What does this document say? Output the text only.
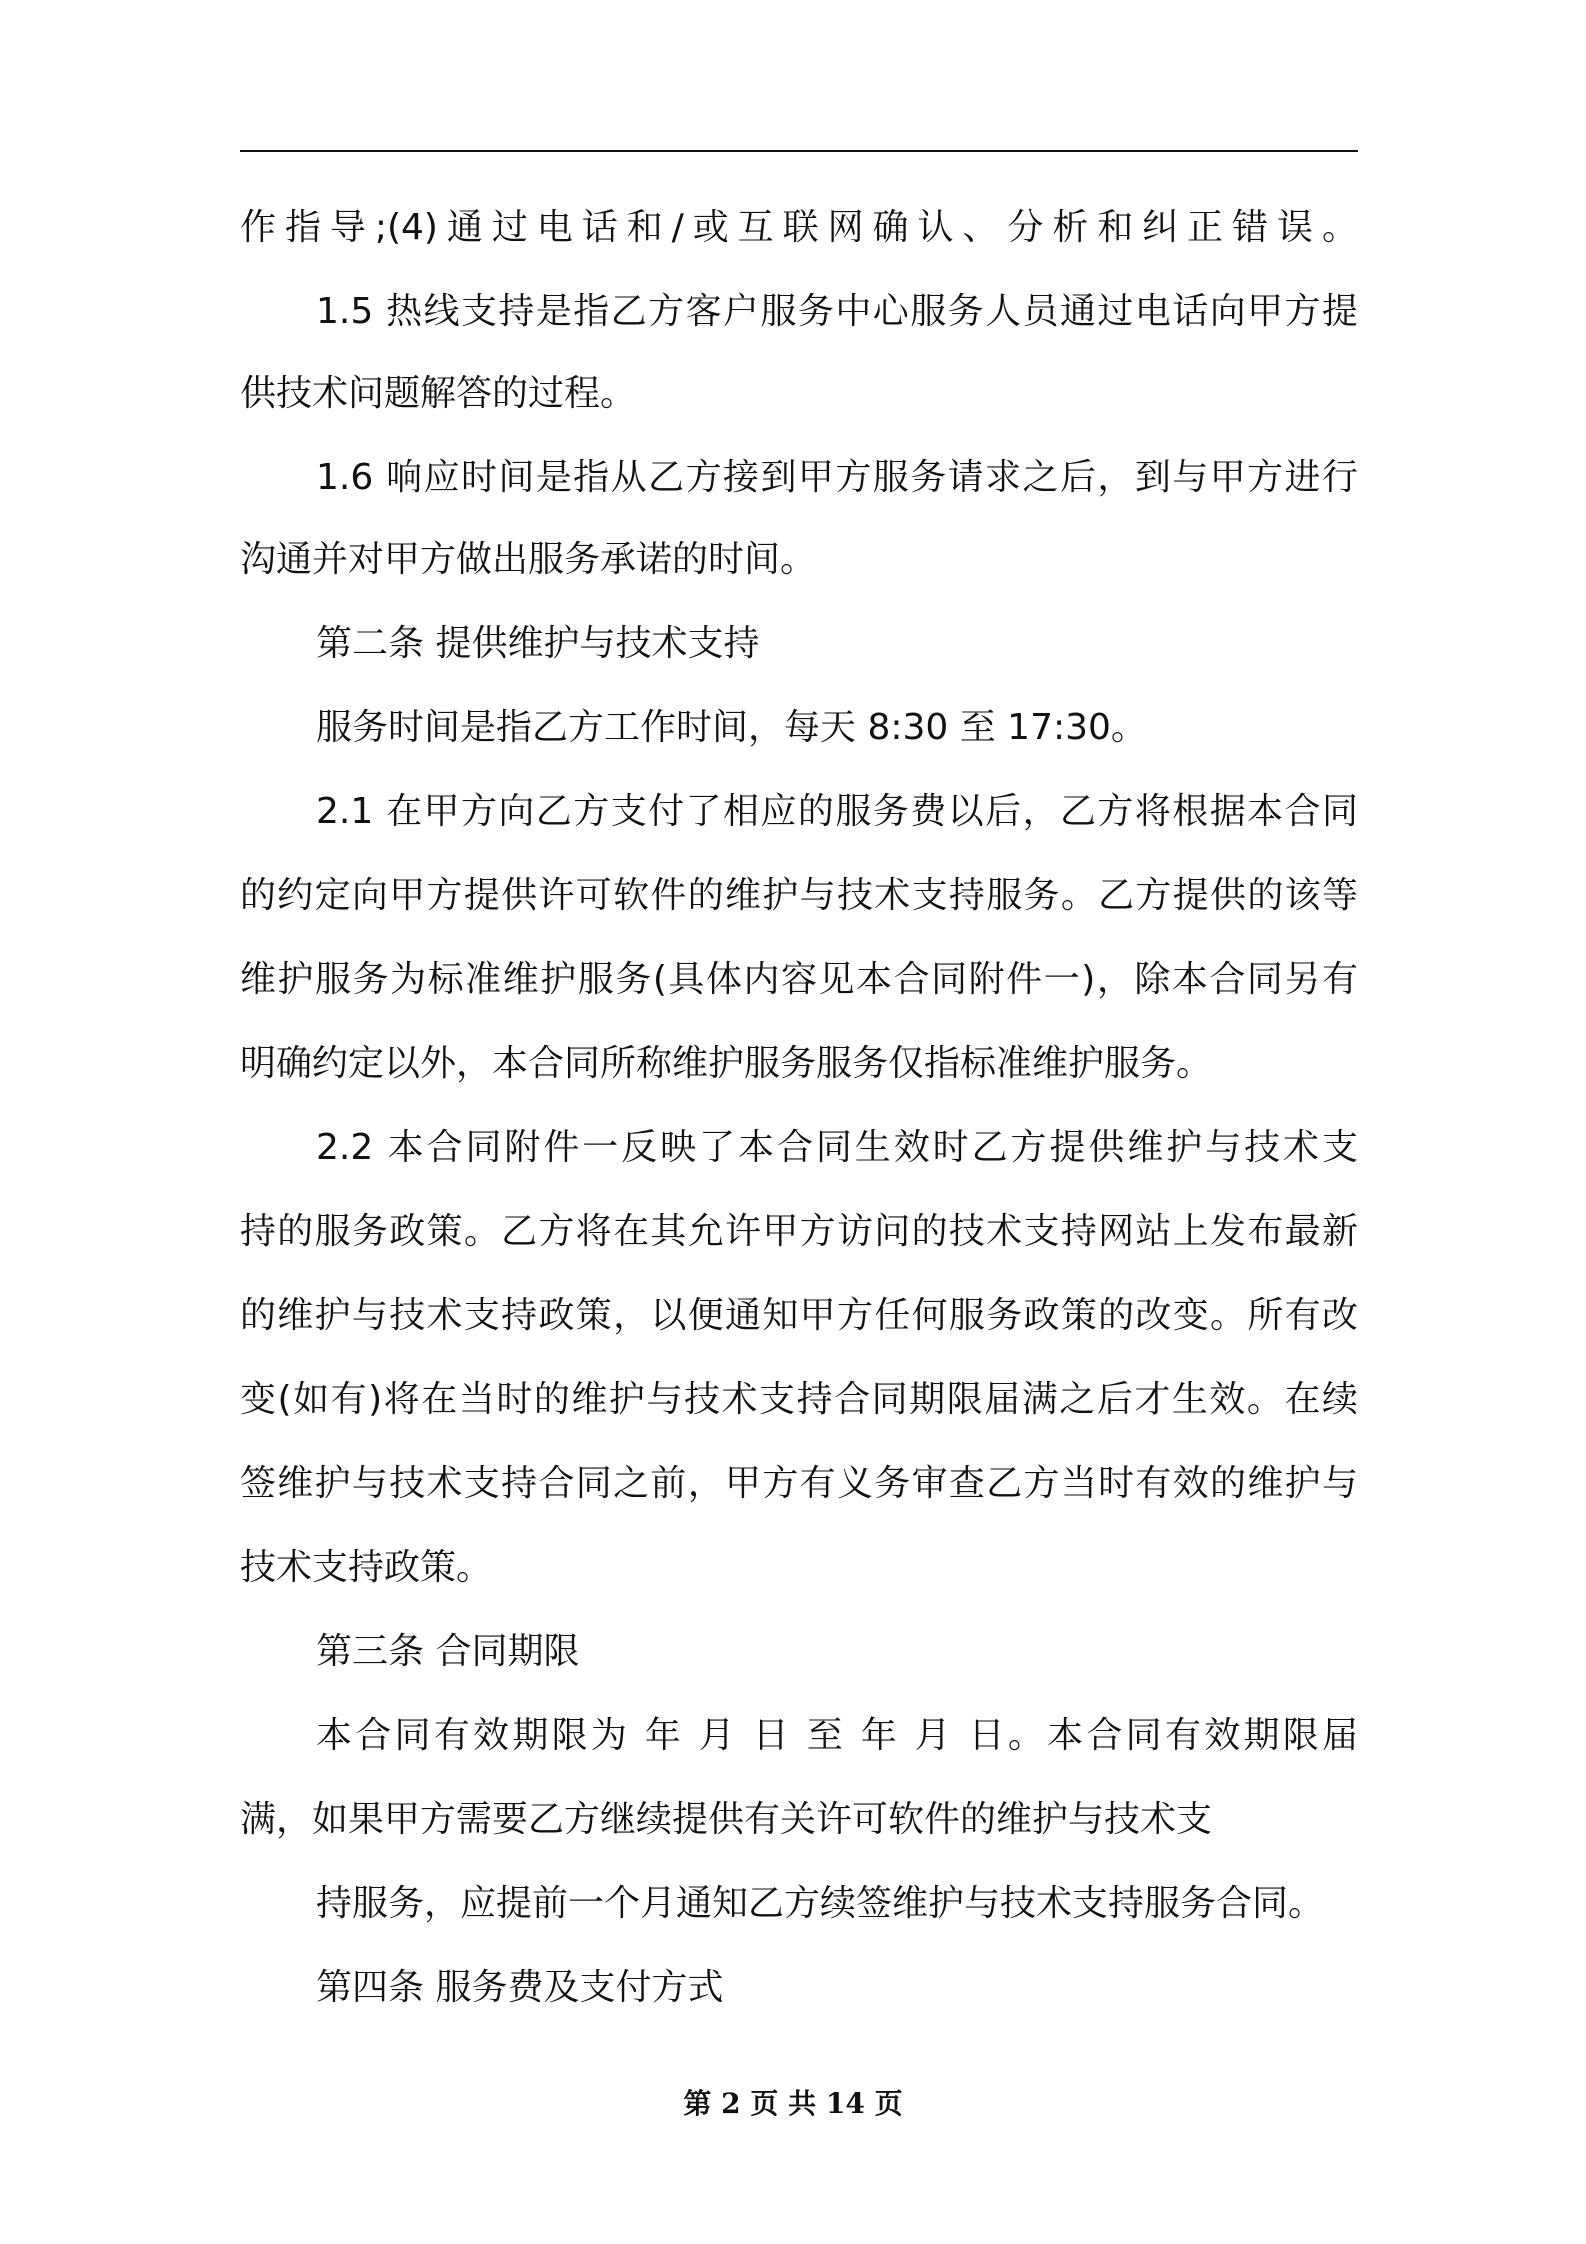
作指导;(4)通过电话和/或互联网确认、分析和纠正错误。
1.5 热线支持是指乙方客户服务中心服务人员通过电话向甲方提
供技术问题解答的过程。
1.6 响应时间是指从乙方接到甲方服务请求之后，到与甲方进行
沟通并对甲方做出服务承诺的时间。
第二条 提供维护与技术支持
服务时间是指乙方工作时间，每天 8:30 至 17:30。
2.1 在甲方向乙方支付了相应的服务费以后，乙方将根据本合同
的约定向甲方提供许可软件的维护与技术支持服务。乙方提供的该等
维护服务为标准维护服务(具体内容见本合同附件一)，除本合同另有
明确约定以外，本合同所称维护服务服务仅指标准维护服务。
2.2 本合同附件一反映了本合同生效时乙方提供维护与技术支
持的服务政策。乙方将在其允许甲方访问的技术支持网站上发布最新
的维护与技术支持政策，以便通知甲方任何服务政策的改变。所有改
变(如有)将在当时的维护与技术支持合同期限届满之后才生效。在续
签维护与技术支持合同之前，甲方有义务审查乙方当时有效的维护与
技术支持政策。
第三条 合同期限
本合同有效期限为 年 月 日 至 年 月 日。本合同有效期限届
满，如果甲方需要乙方继续提供有关许可软件的维护与技术支
持服务，应提前一个月通知乙方续签维护与技术支持服务合同。
第四条 服务费及支付方式
第 2 页 共 14 页
